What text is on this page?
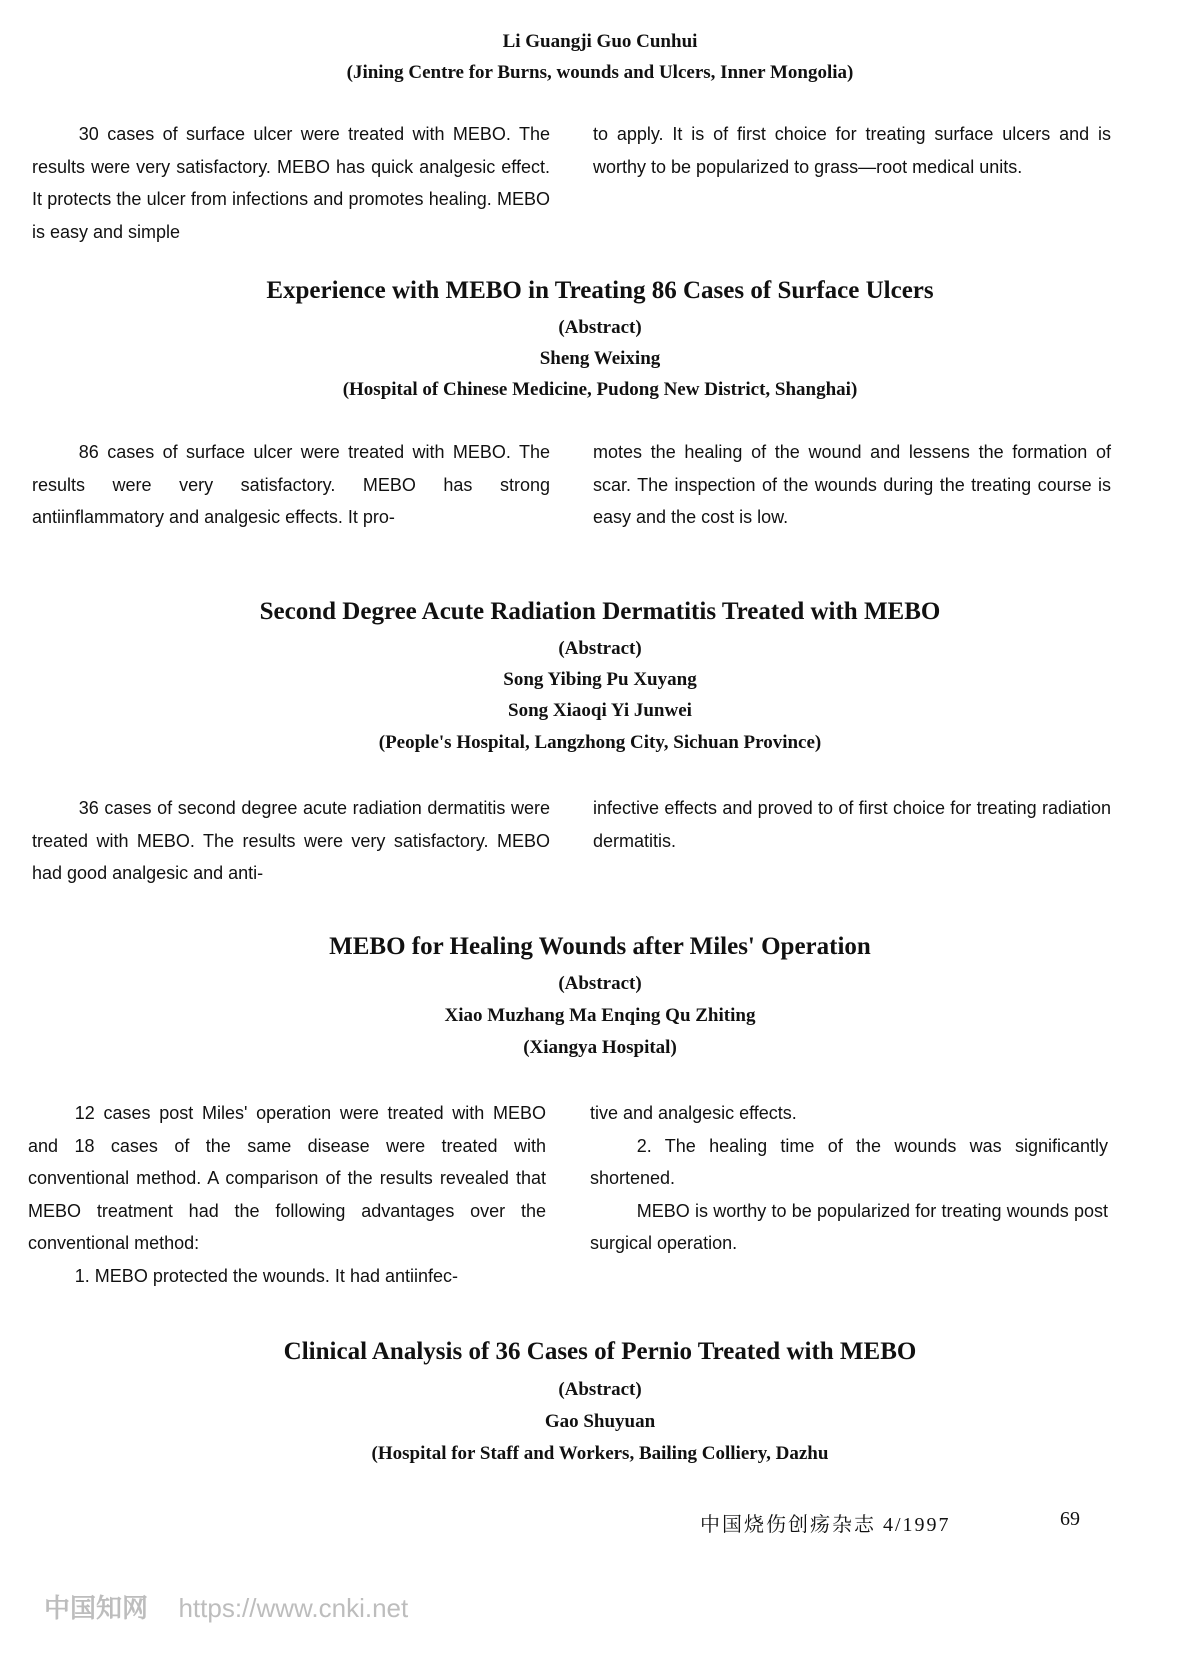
Li Guangji Guo Cunhui
(Jining Centre for Burns, wounds and Ulcers, Inner Mongolia)

30 cases of surface ulcer were treated with MEBO. The results were very satisfactory. MEBO has quick analgesic effect. It protects the ulcer from infections and promotes healing. MEBO is easy and simple

to apply. It is of first choice for treating surface ulcers and is worthy to be popularized to grass—root medical units.

Experience with MEBO in Treating 86 Cases of Surface Ulcers
(Abstract)
Sheng Weixing
(Hospital of Chinese Medicine, Pudong New District, Shanghai)

86 cases of surface ulcer were treated with MEBO. The results were very satisfactory. MEBO has strong antiinflammatory and analgesic effects. It pro-

motes the healing of the wound and lessens the formation of scar. The inspection of the wounds during the treating course is easy and the cost is low.

Second Degree Acute Radiation Dermatitis Treated with MEBO
(Abstract)
Song Yibing Pu Xuyang
Song Xiaoqi Yi Junwei
(People's Hospital, Langzhong City, Sichuan Province)

36 cases of second degree acute radiation dermatitis were treated with MEBO. The results were very satisfactory. MEBO had good analgesic and anti-

infective effects and proved to of first choice for treating radiation dermatitis.

MEBO for Healing Wounds after Miles' Operation
(Abstract)
Xiao Muzhang Ma Enqing Qu Zhiting
(Xiangya Hospital)

12 cases post Miles' operation were treated with MEBO and 18 cases of the same disease were treated with conventional method. A comparison of the results revealed that MEBO treatment had the following advantages over the conventional method:

1. MEBO protected the wounds. It had antiinfec-

tive and analgesic effects.

2. The healing time of the wounds was significantly shortened.

MEBO is worthy to be popularized for treating wounds post surgical operation.

Clinical Analysis of 36 Cases of Pernio Treated with MEBO
(Abstract)
Gao Shuyuan
(Hospital for Staff and Workers, Bailing Colliery, Dazhu
中国烧伤创疡杂志 4/1997	69
中国知网 https://www.cnki.net
